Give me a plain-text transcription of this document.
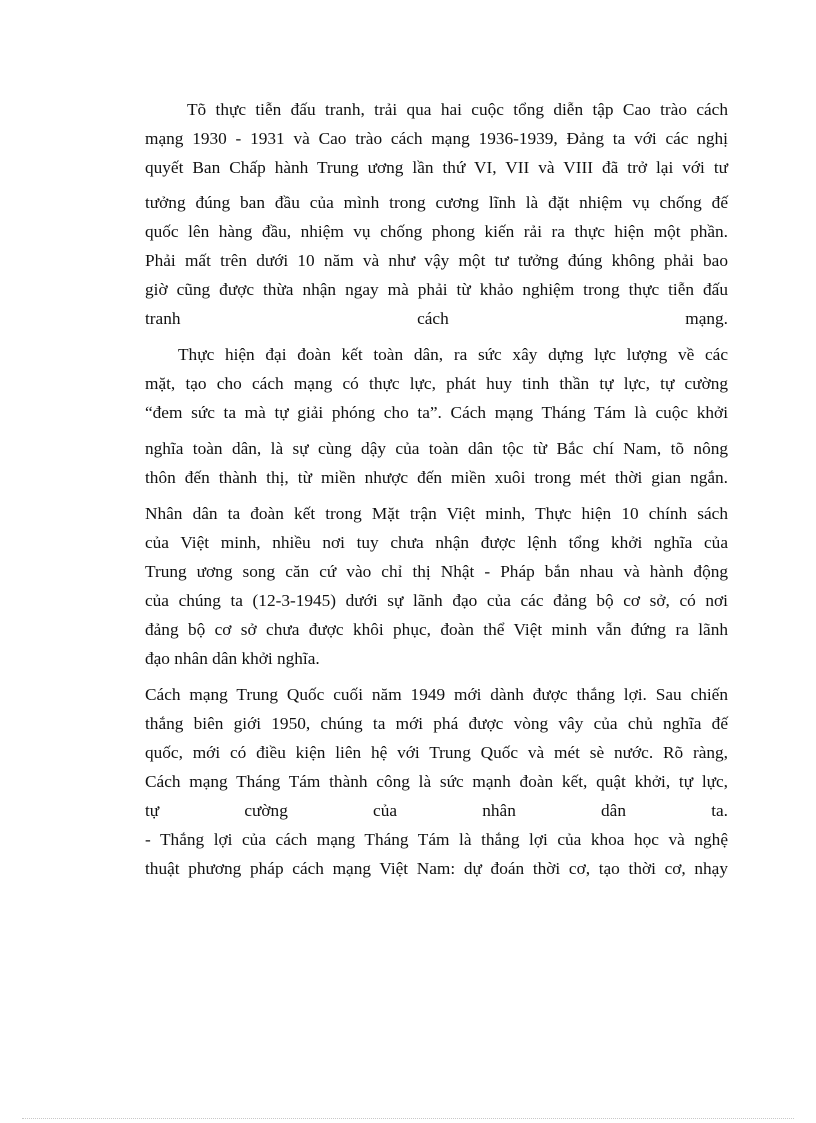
Tõ thực tiễn đấu tranh, trải qua hai cuộc tổng diễn tập Cao trào cách
mạng 1930 - 1931 và Cao trào cách mạng 1936-1939, Đảng ta với các nghị
quyết Ban Chấp hành Trung ương lần thứ VI, VII và VIII đã trở lại với tư
tưởng đúng ban đầu của mình trong cương lĩnh là đặt nhiệm vụ chống đế
quốc lên hàng đầu, nhiệm vụ chống phong kiến rải ra thực hiện một phần.
Phải mất trên dưới 10 năm và như vậy một tư tưởng đúng không phải bao
giờ cũng được thừa nhận ngay mà phải từ khảo nghiệm trong thực tiễn đấu
tranh cách mạng.
Thực hiện đại đoàn kết toàn dân, ra sức xây dựng lực lượng về các
mặt, tạo cho cách mạng có thực lực, phát huy tinh thần tự lực, tự cường
“đem sức ta mà tự giải phóng cho ta”. Cách mạng Tháng Tám là cuộc khởi
nghĩa toàn dân, là sự cùng dậy của toàn dân tộc từ Bắc chí Nam, tõ nông
thôn đến thành thị, từ miền nhược đến miền xuôi trong mét thời gian ngắn.
Nhân dân ta đoàn kết trong Mặt trận Việt minh, Thực hiện 10 chính sách
của Việt minh, nhiều nơi tuy chưa nhận được lệnh tổng khởi nghĩa của
Trung ương song căn cứ vào chỉ thị Nhật - Pháp bắn nhau và hành động
của chúng ta (12-3-1945) dưới sự lãnh đạo của các đảng bộ cơ sở, có nơi
đảng bộ cơ sở chưa được khôi phục, đoàn thể Việt minh vẫn đứng ra lãnh
đạo nhân dân khởi nghĩa.
Cách mạng Trung Quốc cuối năm 1949 mới dành được thắng lợi. Sau chiến
thắng biên giới 1950, chúng ta mới phá được vòng vây của chủ nghĩa đế
quốc, mới có điều kiện liên hệ với Trung Quốc và mét sè nước. Rõ ràng,
Cách mạng Tháng Tám thành công là sức mạnh đoàn kết, quật khởi, tự lực,
tự cường của nhân dân ta.
- Thắng lợi của cách mạng Tháng Tám là thắng lợi của khoa học và nghệ
thuật phương pháp cách mạng Việt Nam: dự đoán thời cơ, tạo thời cơ, nhạy
